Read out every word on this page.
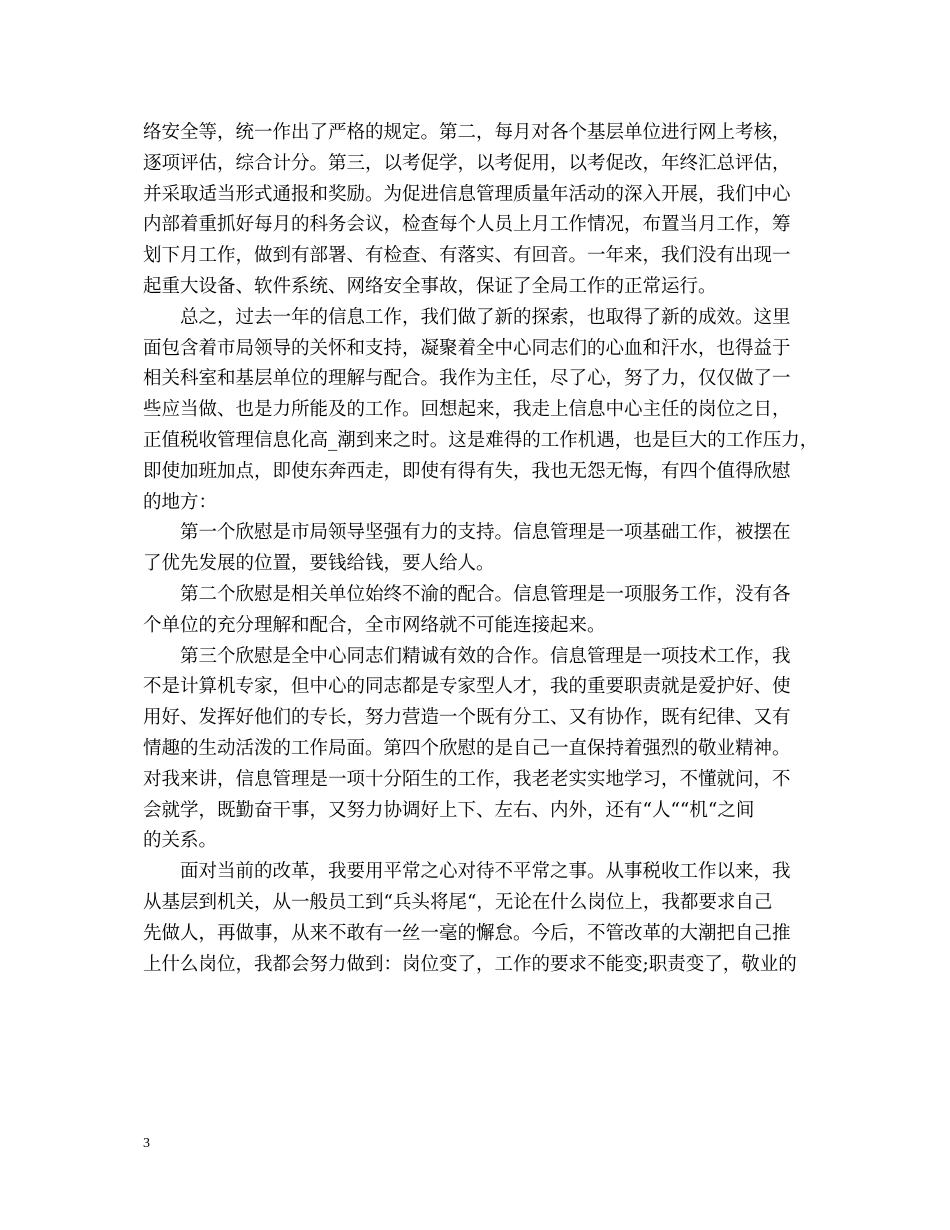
络安全等，统一作出了严格的规定。第二，每月对各个基层单位进行网上考核，
逐项评估，综合计分。第三，以考促学，以考促用，以考促改，年终汇总评估，
并采取适当形式通报和奖励。为促进信息管理质量年活动的深入开展，我们中心
内部着重抓好每月的科务会议，检查每个人员上月工作情况，布置当月工作，筹
划下月工作，做到有部署、有检查、有落实、有回音。一年来，我们没有出现一
起重大设备、软件系统、网络安全事故，保证了全局工作的正常运行。
总之，过去一年的信息工作，我们做了新的探索，也取得了新的成效。这里
面包含着市局领导的关怀和支持，凝聚着全中心同志们的心血和汗水，也得益于
相关科室和基层单位的理解与配合。我作为主任，尽了心，努了力，仅仅做了一
些应当做、也是力所能及的工作。回想起来，我走上信息中心主任的岗位之日，
正值税收管理信息化高_潮到来之时。这是难得的工作机遇，也是巨大的工作压力，
即使加班加点，即使东奔西走，即使有得有失，我也无怨无悔，有四个值得欣慰
的地方：
第一个欣慰是市局领导坚强有力的支持。信息管理是一项基础工作，被摆在
了优先发展的位置，要钱给钱，要人给人。
第二个欣慰是相关单位始终不渝的配合。信息管理是一项服务工作，没有各
个单位的充分理解和配合，全市网络就不可能连接起来。
第三个欣慰是全中心同志们精诚有效的合作。信息管理是一项技术工作，我
不是计算机专家，但中心的同志都是专家型人才，我的重要职责就是爱护好、使
用好、发挥好他们的专长，努力营造一个既有分工、又有协作，既有纪律、又有
情趣的生动活泼的工作局面。第四个欣慰的是自己一直保持着强烈的敬业精神。
对我来讲，信息管理是一项十分陌生的工作，我老老实实地学习，不懂就问，不
会就学，既勤奋干事，又努力协调好上下、左右、内外，还有“人““机“之间
的关系。
面对当前的改革，我要用平常之心对待不平常之事。从事税收工作以来，我
从基层到机关，从一般员工到“兵头将尾“，无论在什么岗位上，我都要求自己
先做人，再做事，从来不敢有一丝一毫的懈怠。今后，不管改革的大潮把自己推
上什么岗位，我都会努力做到：岗位变了，工作的要求不能变;职责变了，敬业的
3
